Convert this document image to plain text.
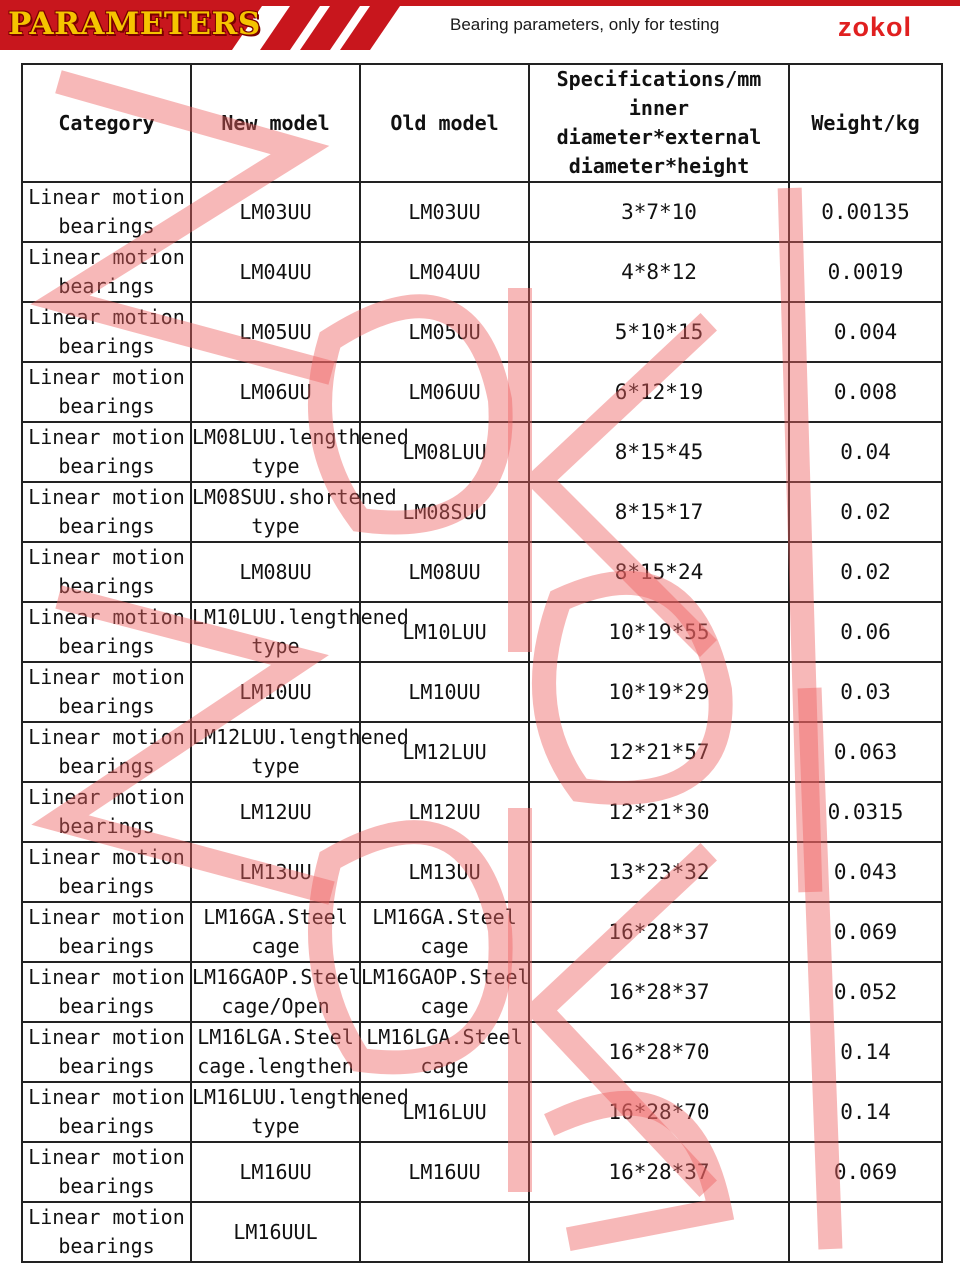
PARAMETERS	Bearing parameters, only for testing	zokol
Category	New model	Old model	Specifications/mm inner diameter*external diameter*height	Weight/kg
Linear motion bearings	LM03UU	LM03UU	3*7*10	0.00135
Linear motion bearings	LM04UU	LM04UU	4*8*12	0.0019
Linear motion bearings	LM05UU	LM05UU	5*10*15	0.004
Linear motion bearings	LM06UU	LM06UU	6*12*19	0.008
Linear motion bearings	LM08LUU.lengthened type	LM08LUU	8*15*45	0.04
Linear motion bearings	LM08SUU.shortened type	LM08SUU	8*15*17	0.02
Linear motion bearings	LM08UU	LM08UU	8*15*24	0.02
Linear motion bearings	LM10LUU.lengthened type	LM10LUU	10*19*55	0.06
Linear motion bearings	LM10UU	LM10UU	10*19*29	0.03
Linear motion bearings	LM12LUU.lengthened type	LM12LUU	12*21*57	0.063
Linear motion bearings	LM12UU	LM12UU	12*21*30	0.0315
Linear motion bearings	LM13UU	LM13UU	13*23*32	0.043
Linear motion bearings	LM16GA.Steel cage	LM16GA.Steel cage	16*28*37	0.069
Linear motion bearings	LM16GAOP.Steel cage/Open	LM16GAOP.Steel cage	16*28*37	0.052
Linear motion bearings	LM16LGA.Steel cage.lengthen	LM16LGA.Steel cage	16*28*70	0.14
Linear motion bearings	LM16LUU.lengthened type	LM16LUU	16*28*70	0.14
Linear motion bearings	LM16UU	LM16UU	16*28*37	0.069
Linear motion bearings	LM16UUL			
